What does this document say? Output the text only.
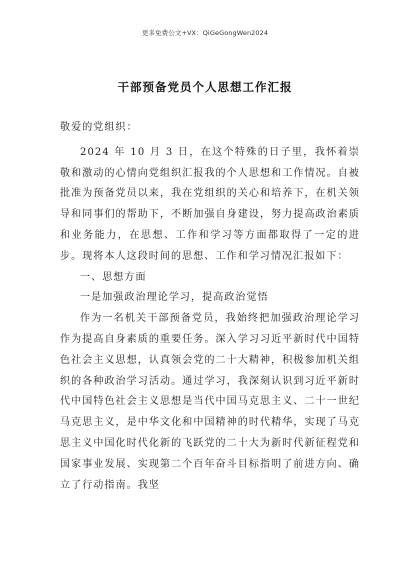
更多免费公文+VX：QiGeGongWen2024
干部预备党员个人思想工作汇报

敬爱的党组织：

2024 年 10 月 3 日，在这个特殊的日子里，我怀着崇敬和激动的心情向党组织汇报我的个人思想和工作情况。自被批准为预备党员以来，我在党组织的关心和培养下，在机关领导和同事们的帮助下，不断加强自身建设，努力提高政治素质和业务能力，在思想、工作和学习等方面都取得了一定的进步。现将本人这段时间的思想、工作和学习情况汇报如下：

一、思想方面

一是加强政治理论学习，提高政治觉悟

作为一名机关干部预备党员，我始终把加强政治理论学习作为提高自身素质的重要任务。深入学习习近平新时代中国特色社会主义思想，认真领会党的二十大精神，积极参加机关组织的各种政治学习活动。通过学习，我深刻认识到习近平新时代中国特色社会主义思想是当代中国马克思主义、二十一世纪马克思主义，是中华文化和中国精神的时代精华，实现了马克思主义中国化时代化新的飞跃党的二十大为新时代新征程党和国家事业发展、实现第二个百年奋斗目标指明了前进方向、确立了行动指南。我坚
